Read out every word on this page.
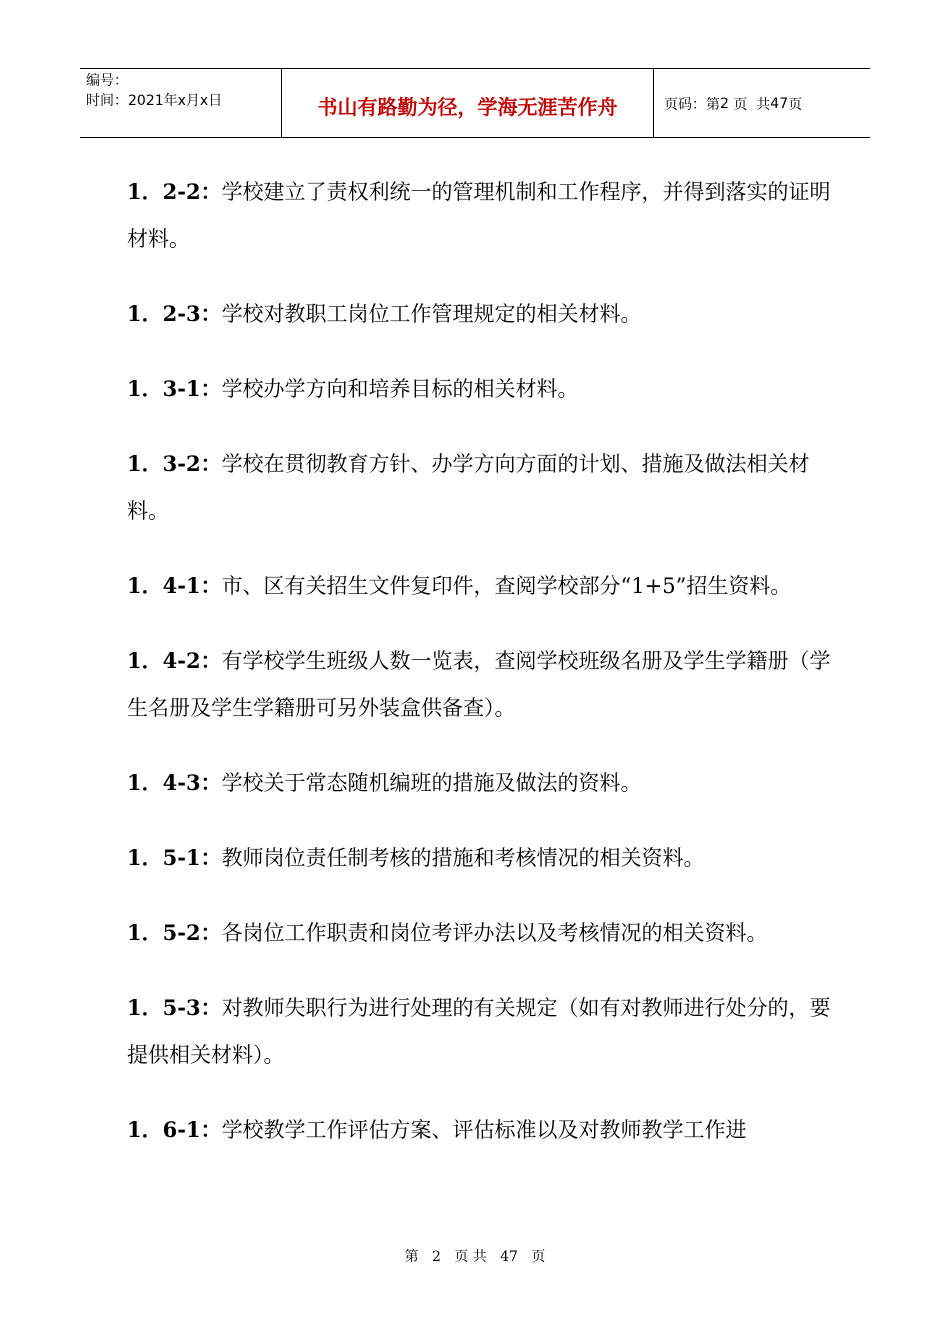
编号：
时间：2021年x月x日	书山有路勤为径，学海无涯苦作舟	页码：第 2
页  共 47 页
1．2-2：学校建立了责权利统一的管理机制和工作程序，并得到落实的证明材料。
1．2-3：学校对教职工岗位工作管理规定的相关材料。
1．3-1：学校办学方向和培养目标的相关材料。
1．3-2：学校在贯彻教育方针、办学方向方面的计划、措施及做法相关材料。
1．4-1：市、区有关招生文件复印件，查阅学校部分“1+5”招生资料。
1．4-2：有学校学生班级人数一览表，查阅学校班级名册及学生学籍册（学生名册及学生学籍册可另外装盒供备查）。
1．4-3：学校关于常态随机编班的措施及做法的资料。
1．5-1：教师岗位责任制考核的措施和考核情况的相关资料。
1．5-2：各岗位工作职责和岗位考评办法以及考核情况的相关资料。
1．5-3：对教师失职行为进行处理的有关规定（如有对教师进行处分的，要提供相关材料）。
1．6-1：学校教学工作评估方案、评估标准以及对教师教学工作进
第 2 页 共 47 页
